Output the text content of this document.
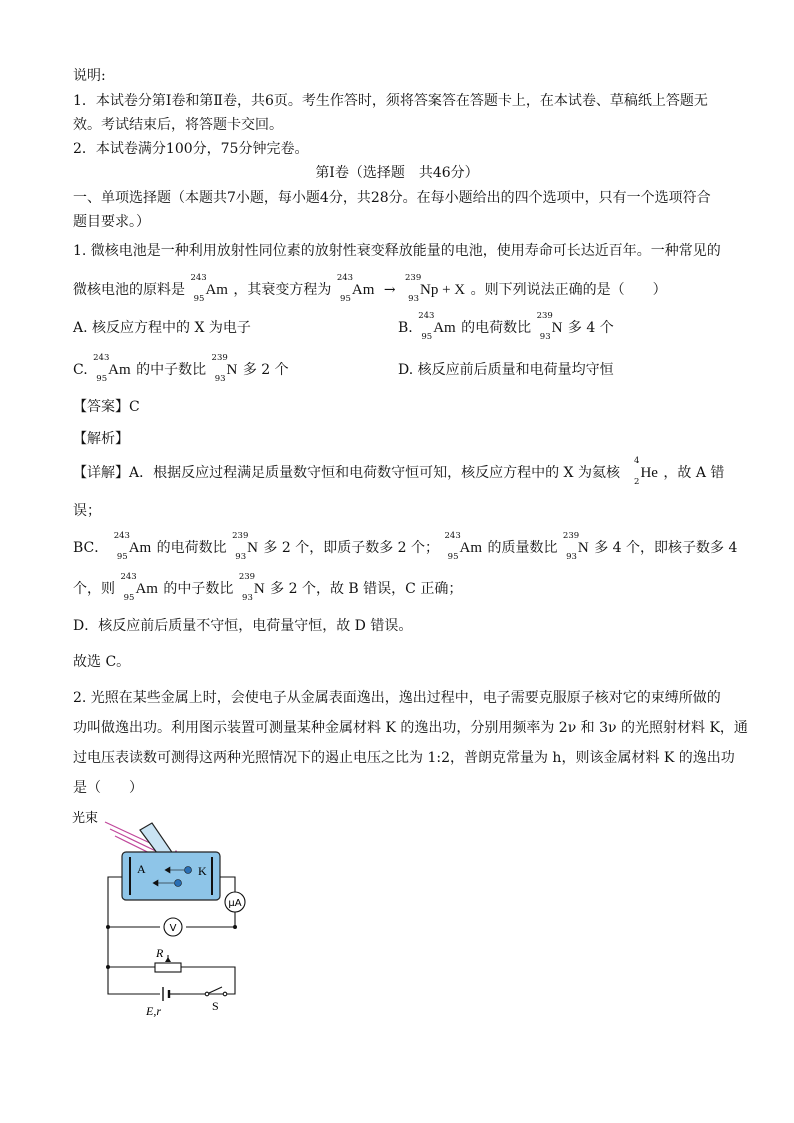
说明:
1．本试卷分第Ⅰ卷和第Ⅱ卷，共6页。考生作答时，须将答案答在答题卡上，在本试卷、草稿纸上答题无
效。考试结束后，将答题卡交回。
2．本试卷满分100分，75分钟完卷。
第Ⅰ卷（选择题　共46分）
一、单项选择题（本题共7小题，每小题4分，共28分。在每小题给出的四个选项中，只有一个选项符合
题目要求。）
1. 微核电池是一种利用放射性同位素的放射性衰变释放能量的电池，使用寿命可长达近百年。一种常见的
微核电池的原料是
243
95
Am ，其衰变方程为
243
95
Am →
239
93
Np + X 。则下列说法正确的是（　　）
A. 核反应方程中的 X 为电子	B.
243
95
Am 的电荷数比
239
93
N 多 4 个
C.
243
95
Am 的中子数比
239
93
N 多 2 个	D. 核反应前后质量和电荷量均守恒
【答案】C
【解析】
【详解】A．根据反应过程满足质量数守恒和电荷数守恒可知，核反应方程中的 X 为氦核
4
2
He ，故 A 错
误；
BC．
243
95
Am 的电荷数比
239
93
N 多 2 个，即质子数多 2 个；
243
95
Am 的质量数比
239
93
N 多 4 个，即核子数多 4
个，则
243
95
Am 的中子数比
239
93
N 多 2 个，故 B 错误，C 正确；
D．核反应前后质量不守恒，电荷量守恒，故 D 错误。
故选 C。
2. 光照在某些金属上时，会使电子从金属表面逸出，逸出过程中，电子需要克服原子核对它的束缚所做的
功叫做逸出功。利用图示装置可测量某种金属材料 K 的逸出功，分别用频率为 2ν 和 3ν 的光照射材料 K，通
过电压表读数可测得这两种光照情况下的遏止电压之比为 1:2，普朗克常量为 h，则该金属材料 K 的逸出功
是（　　）
光束
A	K
μA
V
R
E,r	S
